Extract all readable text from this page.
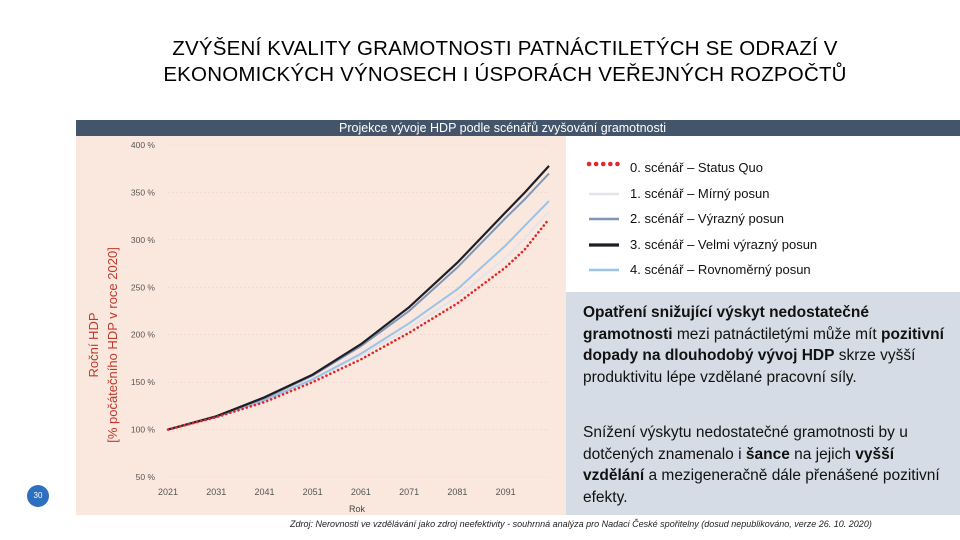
ZVÝŠENÍ KVALITY GRAMOTNOSTI PATNÁCTILETÝCH SE ODRAZÍ V
EKONOMICKÝCH VÝNOSECH I ÚSPORÁCH VEŘEJNÝCH ROZPOČTŮ
Projekce vývoje HDP podle scénářů zvyšování gramotnosti
50 %
100 %
150 %
200 %
250 %
300 %
350 %
400 %
2021	2031	2041	2051	2061	2071	2081	2091
Rok
Roční HDP [% počátečního HDP v roce 2020]
0. scénář – Status Quo
1. scénář – Mírný posun
2. scénář – Výrazný posun
3. scénář – Velmi výrazný posun
4. scénář – Rovnoměrný posun
Opatření snižující výskyt nedostatečné gramotnosti mezi patnáctiletými může mít pozitivní dopady na dlouhodobý vývoj HDP skrze vyšší produktivitu lépe vzdělané pracovní síly.
Snížení výskytu nedostatečné gramotnosti by u dotčených znamenalo i šance na jejich vyšší vzdělání a mezigeneračně dále přenášené pozitivní efekty.
Zdroj: Nerovnosti ve vzdělávání jako zdroj neefektivity - souhrnná analýza pro Nadaci České spořitelny (dosud nepublikováno, verze 26. 10. 2020)
30
